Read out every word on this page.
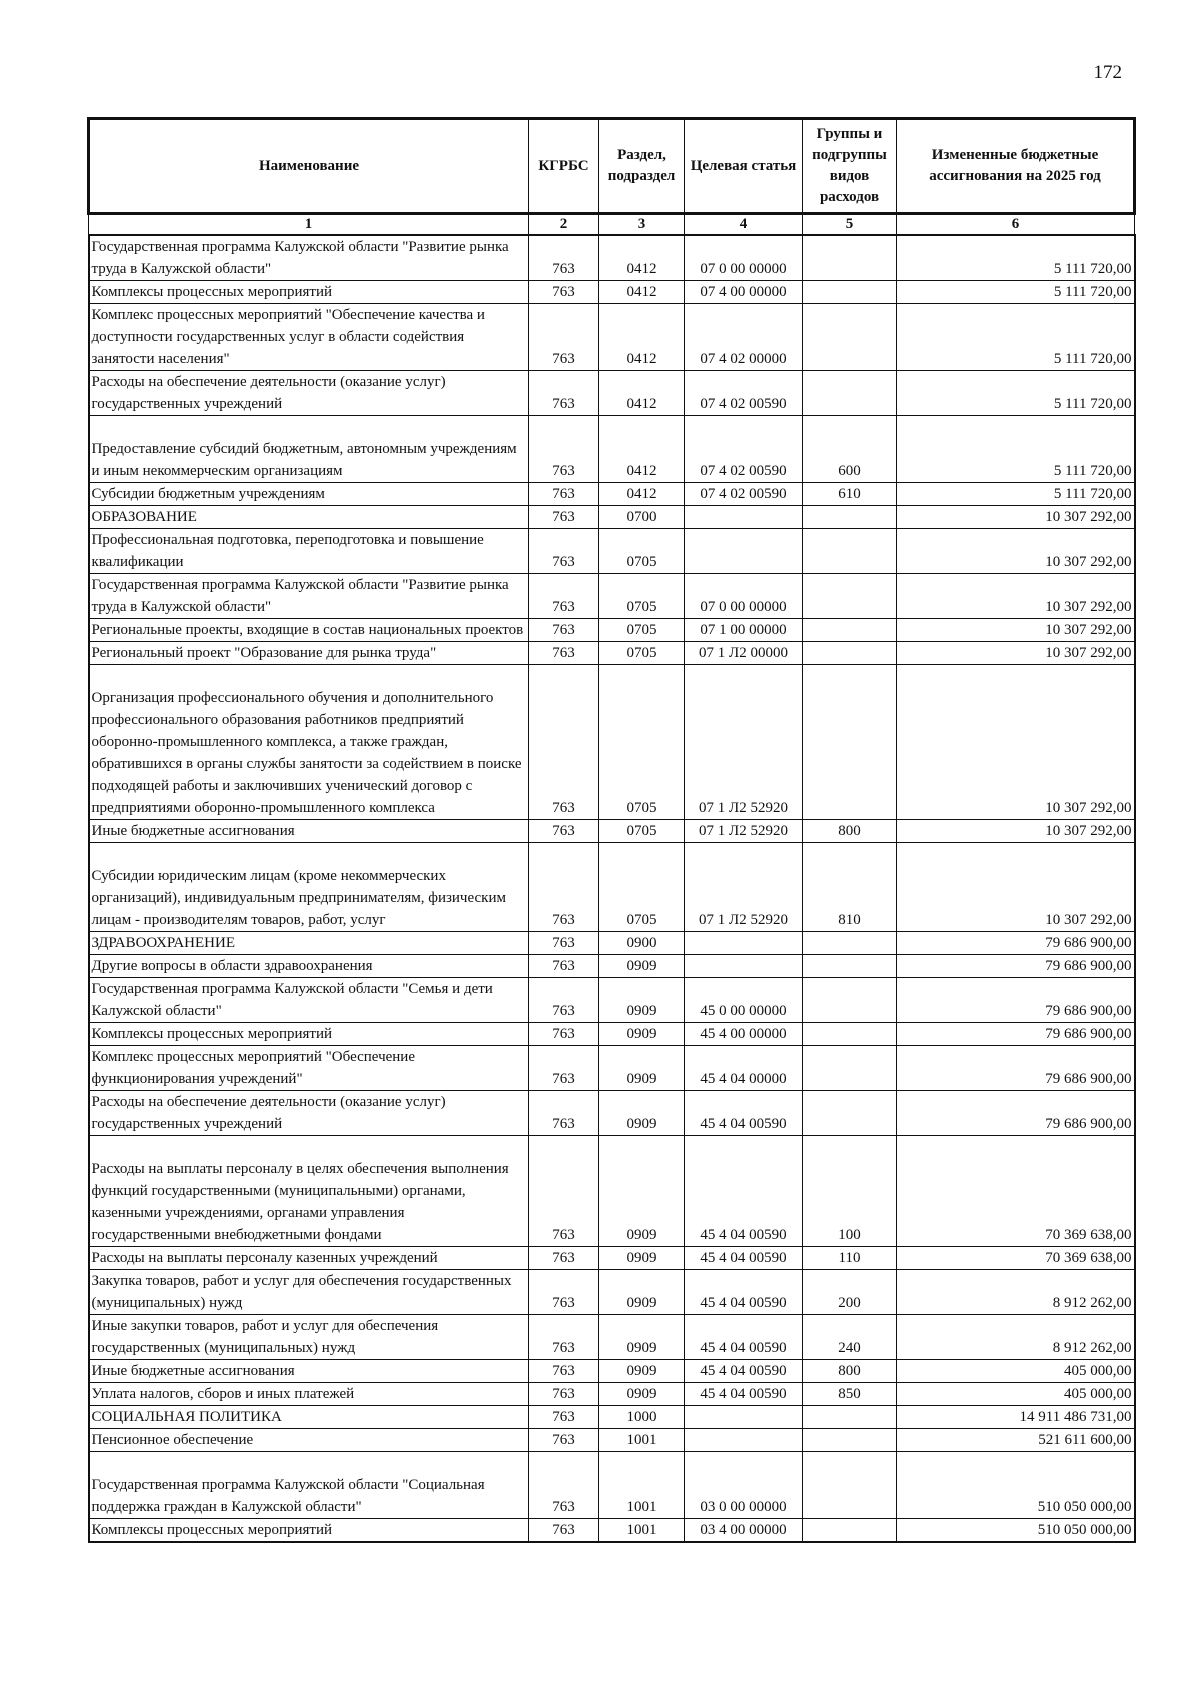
172
Наименование	КГРБС	Раздел, подраздел	Целевая статья	Группы и подгруппы видов расходов	Измененные бюджетные ассигнования на 2025 год
1	2	3	4	5	6
Государственная программа Калужской области "Развитие рынка труда в Калужской области"	763	0412	07 0 00 00000		5 111 720,00
Комплексы процессных мероприятий	763	0412	07 4 00 00000		5 111 720,00
Комплекс процессных мероприятий "Обеспечение качества и доступности государственных услуг в области содействия занятости населения"	763	0412	07 4 02 00000		5 111 720,00
Расходы на обеспечение деятельности (оказание услуг) государственных учреждений	763	0412	07 4 02 00590		5 111 720,00
Предоставление субсидий бюджетным, автономным учреждениям и иным некоммерческим организациям	763	0412	07 4 02 00590	600	5 111 720,00
Субсидии бюджетным учреждениям	763	0412	07 4 02 00590	610	5 111 720,00
ОБРАЗОВАНИЕ	763	0700			10 307 292,00
Профессиональная подготовка, переподготовка и повышение квалификации	763	0705			10 307 292,00
Государственная программа Калужской области "Развитие рынка труда в Калужской области"	763	0705	07 0 00 00000		10 307 292,00
Региональные проекты, входящие в состав национальных проектов	763	0705	07 1 00 00000		10 307 292,00
Региональный проект "Образование для рынка труда"	763	0705	07 1 Л2 00000		10 307 292,00
Организация профессионального обучения и дополнительного профессионального образования работников предприятий оборонно-промышленного комплекса, а также граждан, обратившихся в органы службы занятости за содействием в поиске подходящей работы и заключивших ученический договор с предприятиями оборонно-промышленного комплекса	763	0705	07 1 Л2 52920		10 307 292,00
Иные бюджетные ассигнования	763	0705	07 1 Л2 52920	800	10 307 292,00
Субсидии юридическим лицам (кроме некоммерческих организаций), индивидуальным предпринимателям, физическим лицам - производителям товаров, работ, услуг	763	0705	07 1 Л2 52920	810	10 307 292,00
ЗДРАВООХРАНЕНИЕ	763	0900			79 686 900,00
Другие вопросы в области здравоохранения	763	0909			79 686 900,00
Государственная программа Калужской области "Семья и дети Калужской области"	763	0909	45 0 00 00000		79 686 900,00
Комплексы процессных мероприятий	763	0909	45 4 00 00000		79 686 900,00
Комплекс процессных мероприятий "Обеспечение функционирования учреждений"	763	0909	45 4 04 00000		79 686 900,00
Расходы на обеспечение деятельности (оказание услуг) государственных учреждений	763	0909	45 4 04 00590		79 686 900,00
Расходы на выплаты персоналу в целях обеспечения выполнения функций государственными (муниципальными) органами, казенными учреждениями, органами управления государственными внебюджетными фондами	763	0909	45 4 04 00590	100	70 369 638,00
Расходы на выплаты персоналу казенных учреждений	763	0909	45 4 04 00590	110	70 369 638,00
Закупка товаров, работ и услуг для обеспечения государственных (муниципальных) нужд	763	0909	45 4 04 00590	200	8 912 262,00
Иные закупки товаров, работ и услуг для обеспечения государственных (муниципальных) нужд	763	0909	45 4 04 00590	240	8 912 262,00
Иные бюджетные ассигнования	763	0909	45 4 04 00590	800	405 000,00
Уплата налогов, сборов и иных платежей	763	0909	45 4 04 00590	850	405 000,00
СОЦИАЛЬНАЯ ПОЛИТИКА	763	1000			14 911 486 731,00
Пенсионное обеспечение	763	1001			521 611 600,00
Государственная программа Калужской области "Социальная поддержка граждан в Калужской области"	763	1001	03 0 00 00000		510 050 000,00
Комплексы процессных мероприятий	763	1001	03 4 00 00000		510 050 000,00
